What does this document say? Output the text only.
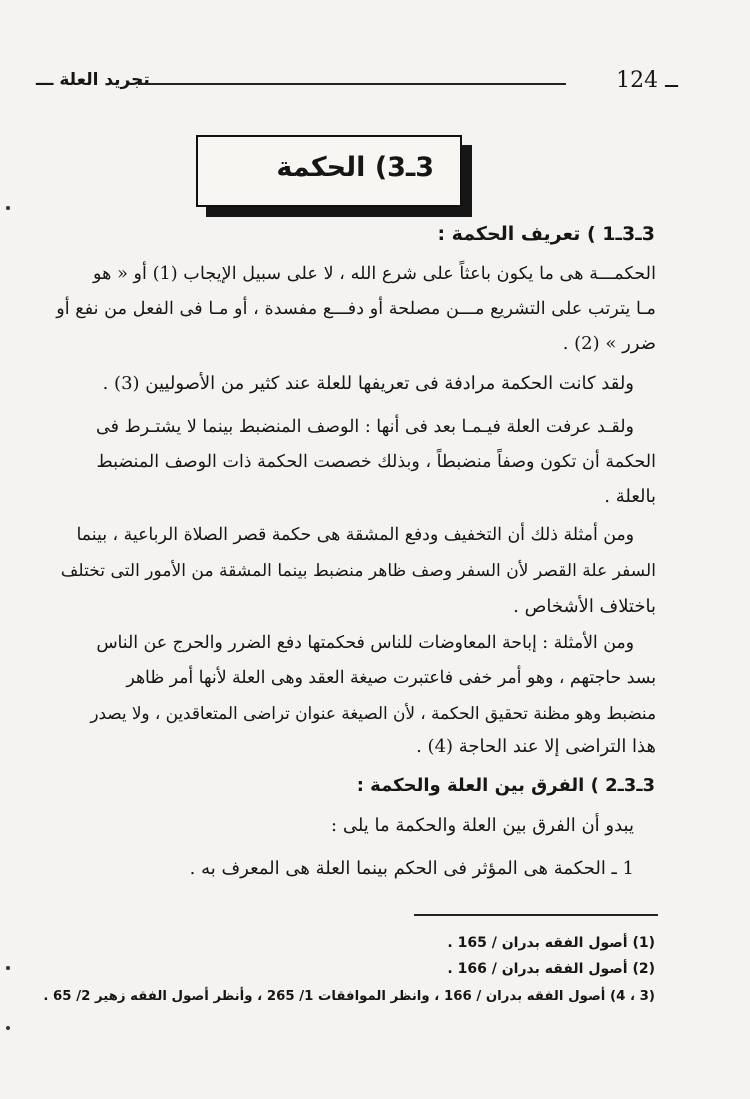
تجريد العلة ـــ	124 ــ
3ـ3) الحكمة
3ـ3ـ1 ) تعريف الحكمة :
الحكمـــة هى ما يكون باعثاً على شرع الله ، لا على سبيل الإيجاب (1) أو « هو
مـا يترتب على التشريع مـــن مصلحة أو دفـــع مفسدة ، أو مـا فى الفعل من نفع أو
ضرر » (2) .
ولقد كانت الحكمة مرادفة فى تعريفها للعلة عند كثير من الأصوليين (3) .
ولقـد عرفت العلة فيـمـا بعد فى أنها : الوصف المنضبط بينما لا يشتـرط فى
الحكمة أن تكون وصفاً منضبطاً ، وبذلك خصصت الحكمة ذات الوصف المنضبط
بالعلة .
ومن أمثلة ذلك أن التخفيف ودفع المشقة هى حكمة قصر الصلاة الرباعية ، بينما
السفر علة القصر لأن السفر وصف ظاهر منضبط بينما المشقة من الأمور التى تختلف
باختلاف الأشخاص .
ومن الأمثلة : إباحة المعاوضات للناس فحكمتها دفع الضرر والحرج عن الناس
بسد حاجتهم ، وهو أمر خفى فاعتبرت صيغة العقد وهى العلة لأنها أمر ظاهر
منضبط وهو مظنة تحقيق الحكمة ، لأن الصيغة عنوان تراضى المتعاقدين ، ولا يصدر
هذا التراضى إلا عند الحاجة (4) .
3ـ3ـ2 ) الفرق بين العلة والحكمة :
يبدو أن الفرق بين العلة والحكمة ما يلى :
1 ـ الحكمة هى المؤثر فى الحكم بينما العلة هى المعرف به .
(1) أصول الفقه بدران / 165 .
(2) أصول الفقه بدران / 166 .
(3 ، 4) أصول الفقه بدران / 166 ، وانظر الموافقات 1/ 265 ، وأنظر أصول الفقه زهير 2/ 65 .
